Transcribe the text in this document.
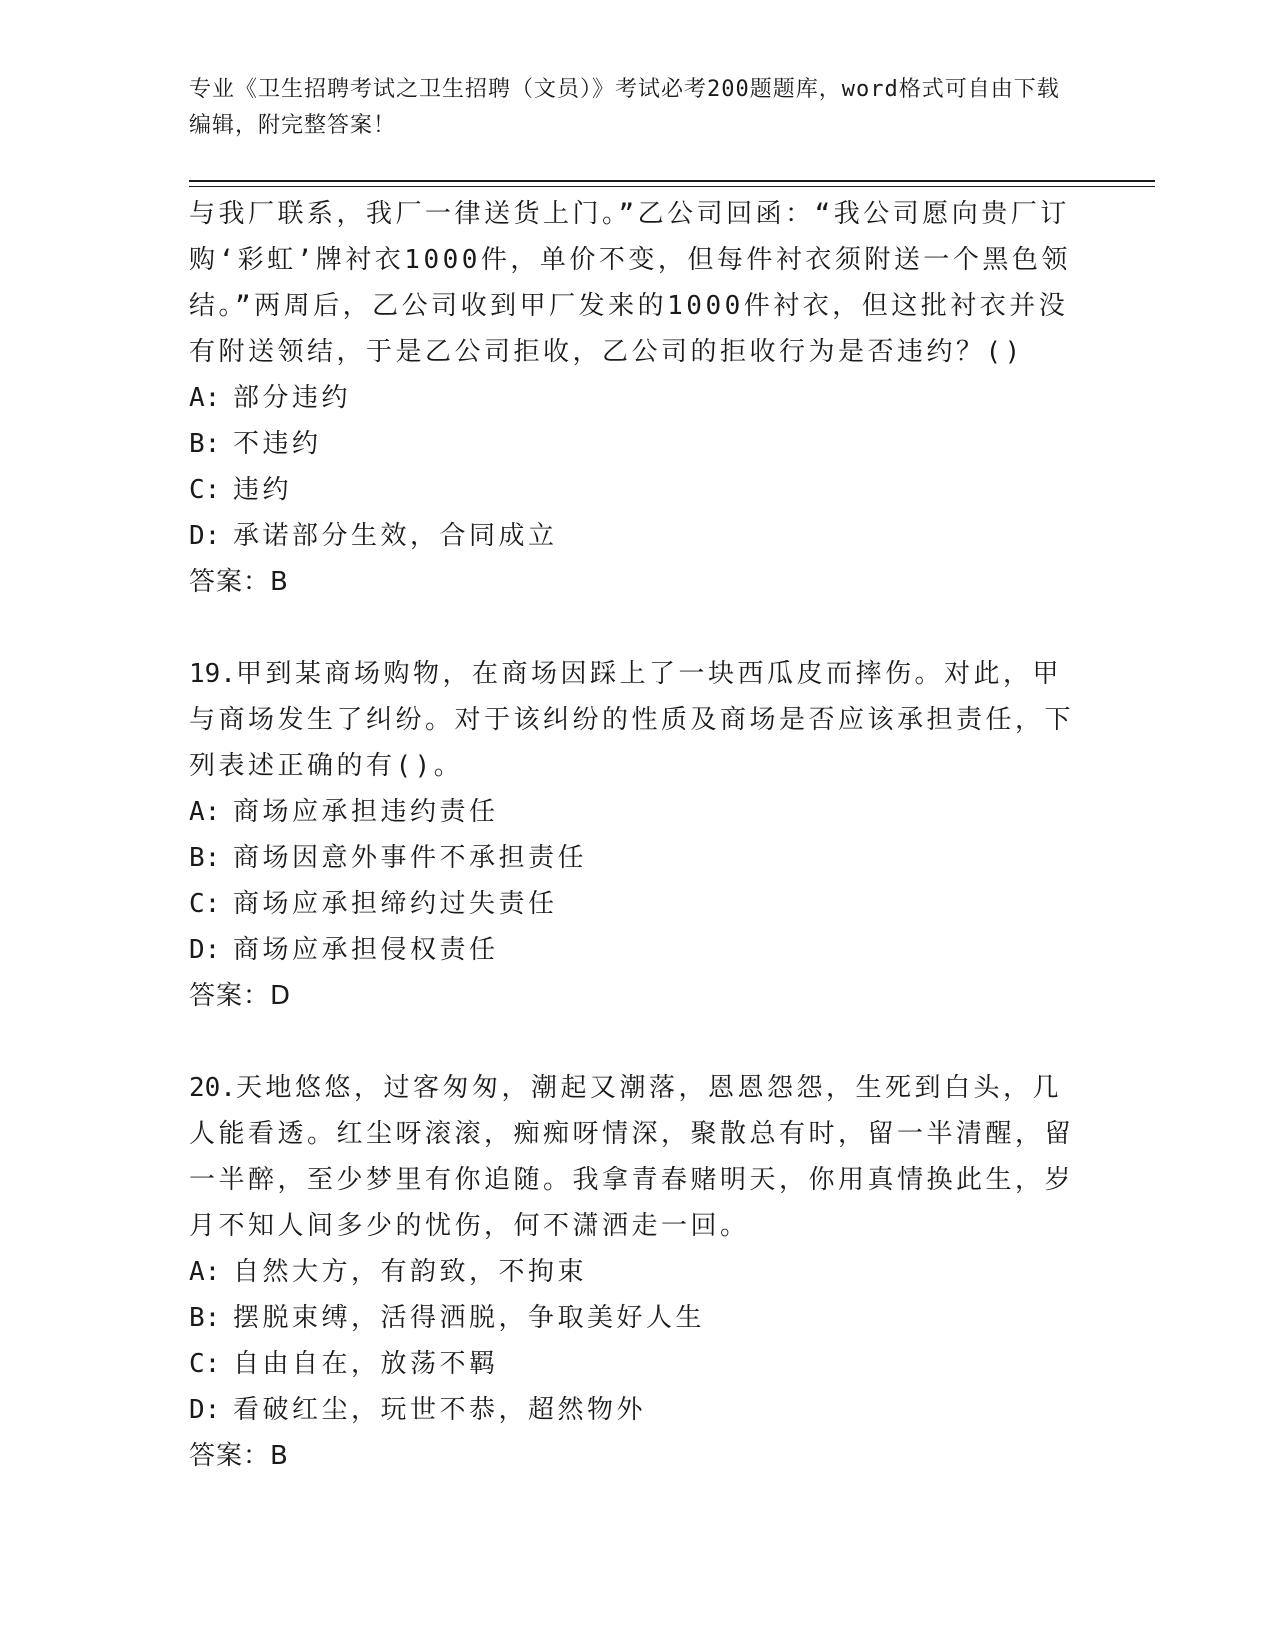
专业《卫生招聘考试之卫生招聘（文员）》考试必考200题题库，word格式可自由下载编辑，附完整答案！

与我厂联系，我厂一律送货上门。”乙公司回函：“我公司愿向贵厂订购‘彩虹’牌衬衣1000件，单价不变，但每件衬衣须附送一个黑色领结。”两周后，乙公司收到甲厂发来的1000件衬衣，但这批衬衣并没有附送领结，于是乙公司拒收，乙公司的拒收行为是否违约？()

A: 部分违约

B: 不违约

C: 违约

D: 承诺部分生效，合同成立

答案：B

19.甲到某商场购物，在商场因踩上了一块西瓜皮而摔伤。对此，甲与商场发生了纠纷。对于该纠纷的性质及商场是否应该承担责任，下列表述正确的有()。

A: 商场应承担违约责任

B: 商场因意外事件不承担责任

C: 商场应承担缔约过失责任

D: 商场应承担侵权责任

答案：D

20.天地悠悠，过客匆匆，潮起又潮落，恩恩怨怨，生死到白头，几人能看透。红尘呀滚滚，痴痴呀情深，聚散总有时，留一半清醒，留一半醉，至少梦里有你追随。我拿青春赌明天，你用真情换此生，岁月不知人间多少的忧伤，何不潇洒走一回。

A: 自然大方，有韵致，不拘束

B: 摆脱束缚，活得洒脱，争取美好人生

C: 自由自在，放荡不羁

D: 看破红尘，玩世不恭，超然物外

答案：B
